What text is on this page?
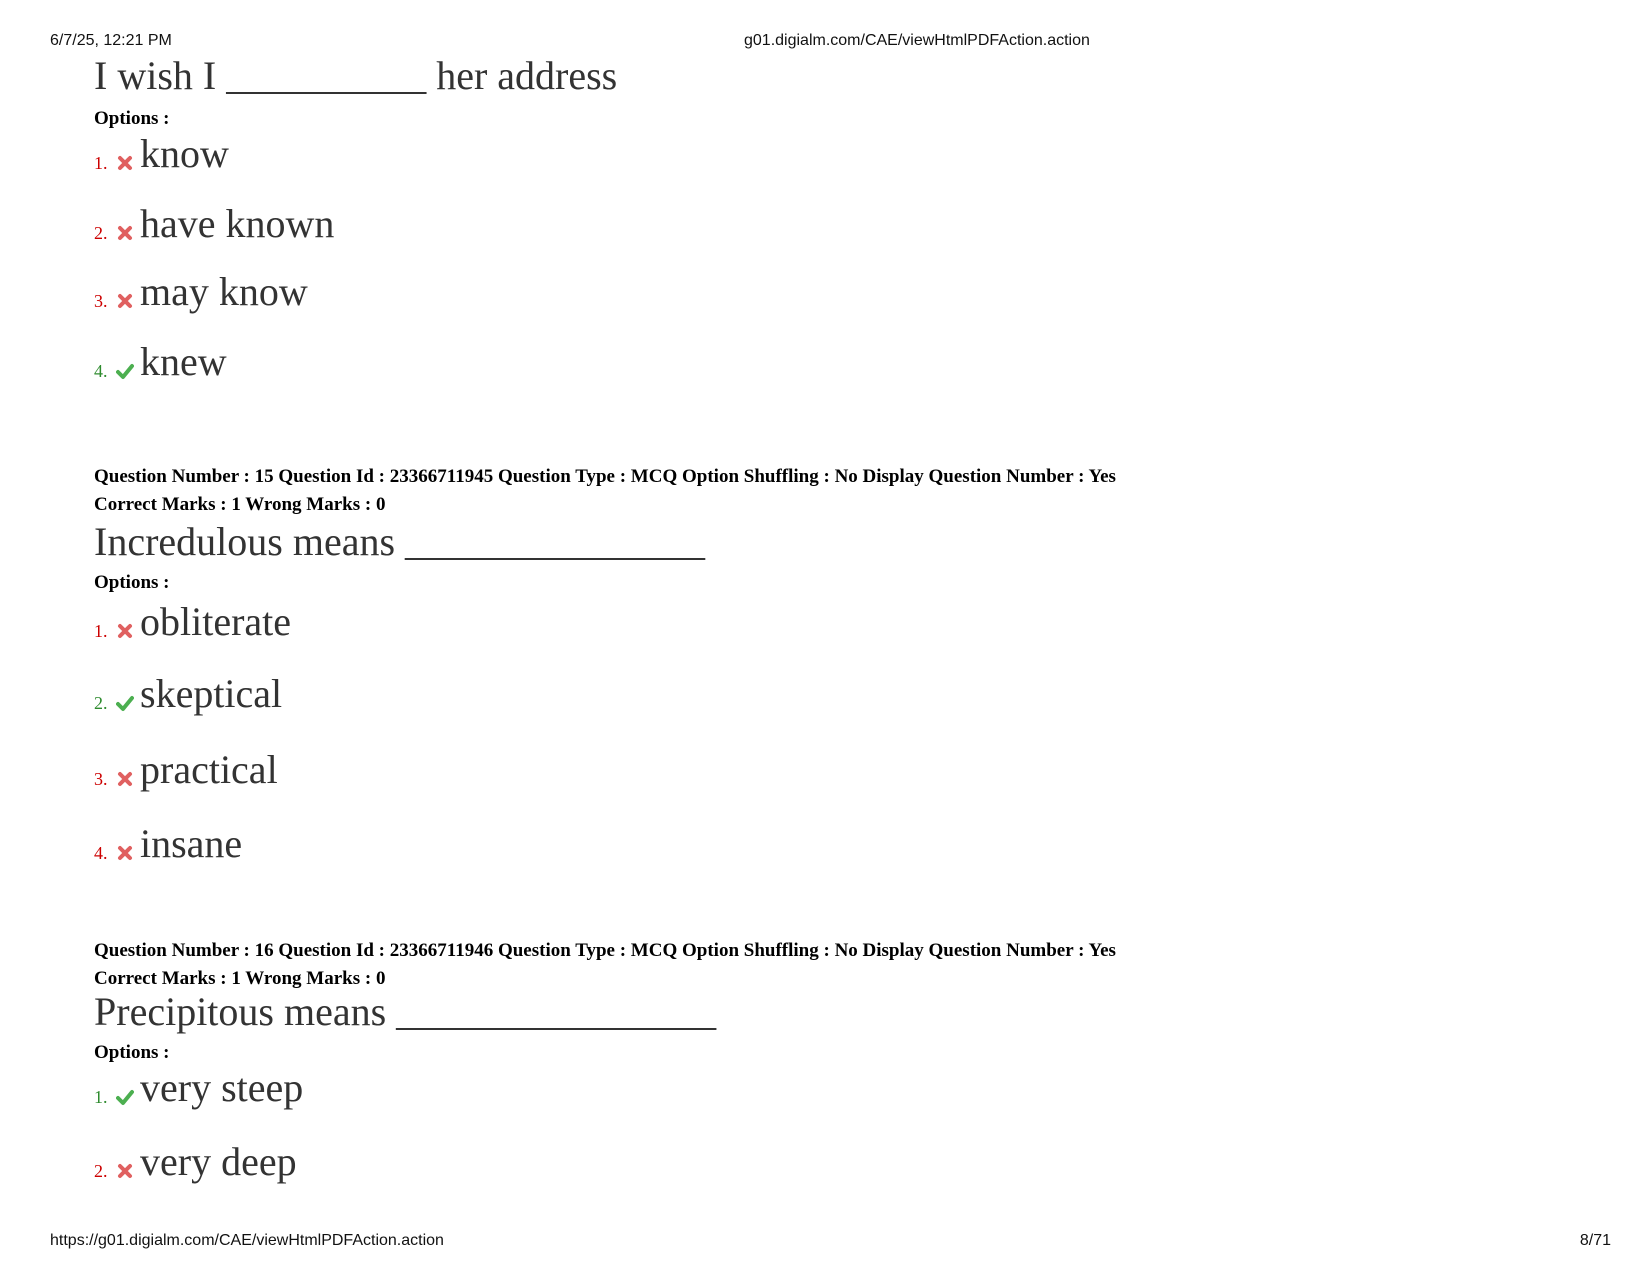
6/7/25, 12:21 PM	g01.digialm.com/CAE/viewHtmlPDFAction.action
I wish I __________ her address
Options :
1. know
2. have known
3. may know
4. knew
Question Number : 15 Question Id : 23366711945 Question Type : MCQ Option Shuffling : No Display Question Number : Yes
Correct Marks : 1 Wrong Marks : 0
Incredulous means _______________
Options :
1. obliterate
2. skeptical
3. practical
4. insane
Question Number : 16 Question Id : 23366711946 Question Type : MCQ Option Shuffling : No Display Question Number : Yes
Correct Marks : 1 Wrong Marks : 0
Precipitous means ________________
Options :
1. very steep
2. very deep
https://g01.digialm.com/CAE/viewHtmlPDFAction.action	8/71
